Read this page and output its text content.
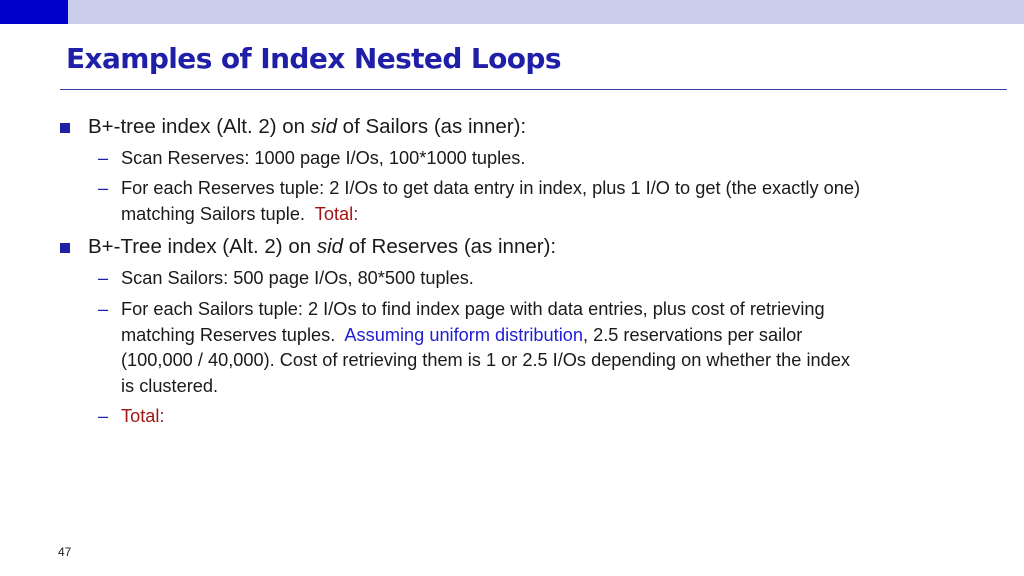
Examples of Index Nested Loops
B+-tree index (Alt. 2) on sid of Sailors (as inner):
– Scan Reserves: 1000 page I/Os, 100*1000 tuples.
– For each Reserves tuple: 2 I/Os to get data entry in index, plus 1 I/O to get (the exactly one)
matching Sailors tuple.  Total:
B+-Tree index (Alt. 2) on sid of Reserves (as inner):
– Scan Sailors: 500 page I/Os, 80*500 tuples.
– For each Sailors tuple: 2 I/Os to find index page with data entries, plus cost of retrieving
matching Reserves tuples.  Assuming uniform distribution, 2.5 reservations per sailor
(100,000 / 40,000). Cost of retrieving them is 1 or 2.5 I/Os depending on whether the index
is clustered.
– Total:
47
